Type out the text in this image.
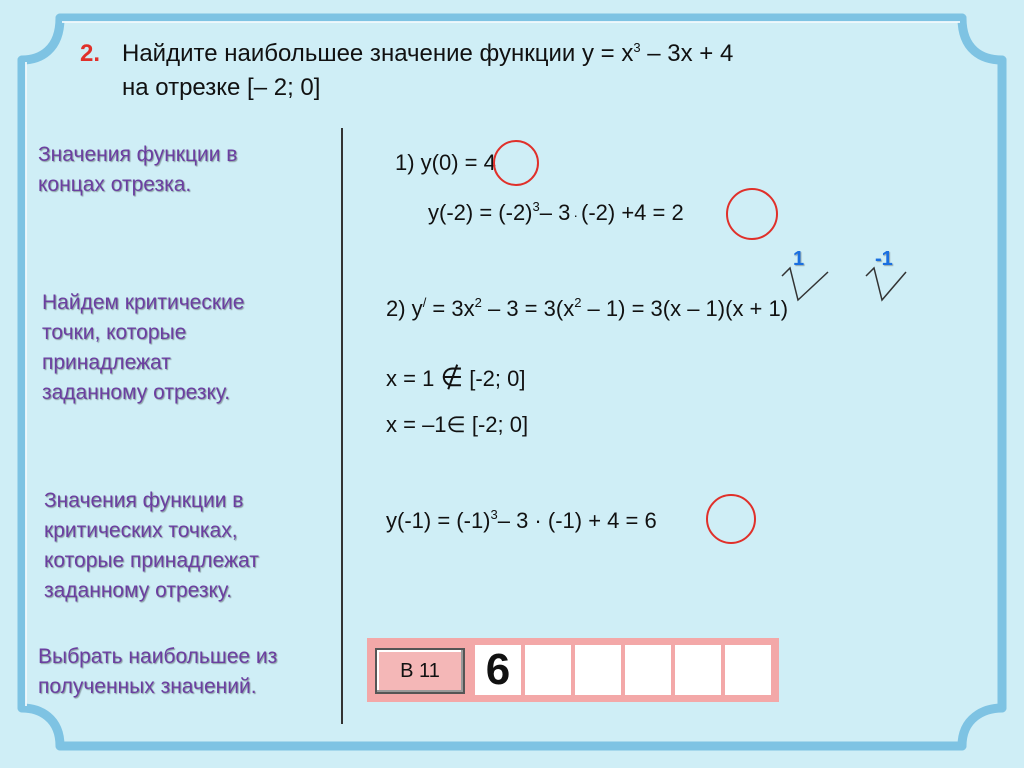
2. Найдите наибольшее значение функции $y = x^3 - 3x + 4$
на отрезке [– 2; 0]
Значения функции в
концах отрезка.
Найдем критические
точки, которые
принадлежат
заданному отрезку.
Значения функции в
критических точках,
которые принадлежат
заданному отрезку.
Выбрать наибольшее из
полученных значений.
1) y(0) = 4
$y(-2) = (-2)^3-$ 3 · (-2) +4 = 2
1	-1
2) $y^/ = 3x^2 - 3 = 3(x^2 - 1) = 3(x - 1)(x + 1)$
x = 1 ∉ [-2; 0]
x = –1∈ [-2; 0]
$y(-1) = (-1)^3-$ 3 · (-1) + 4 = 6
B 11	6
